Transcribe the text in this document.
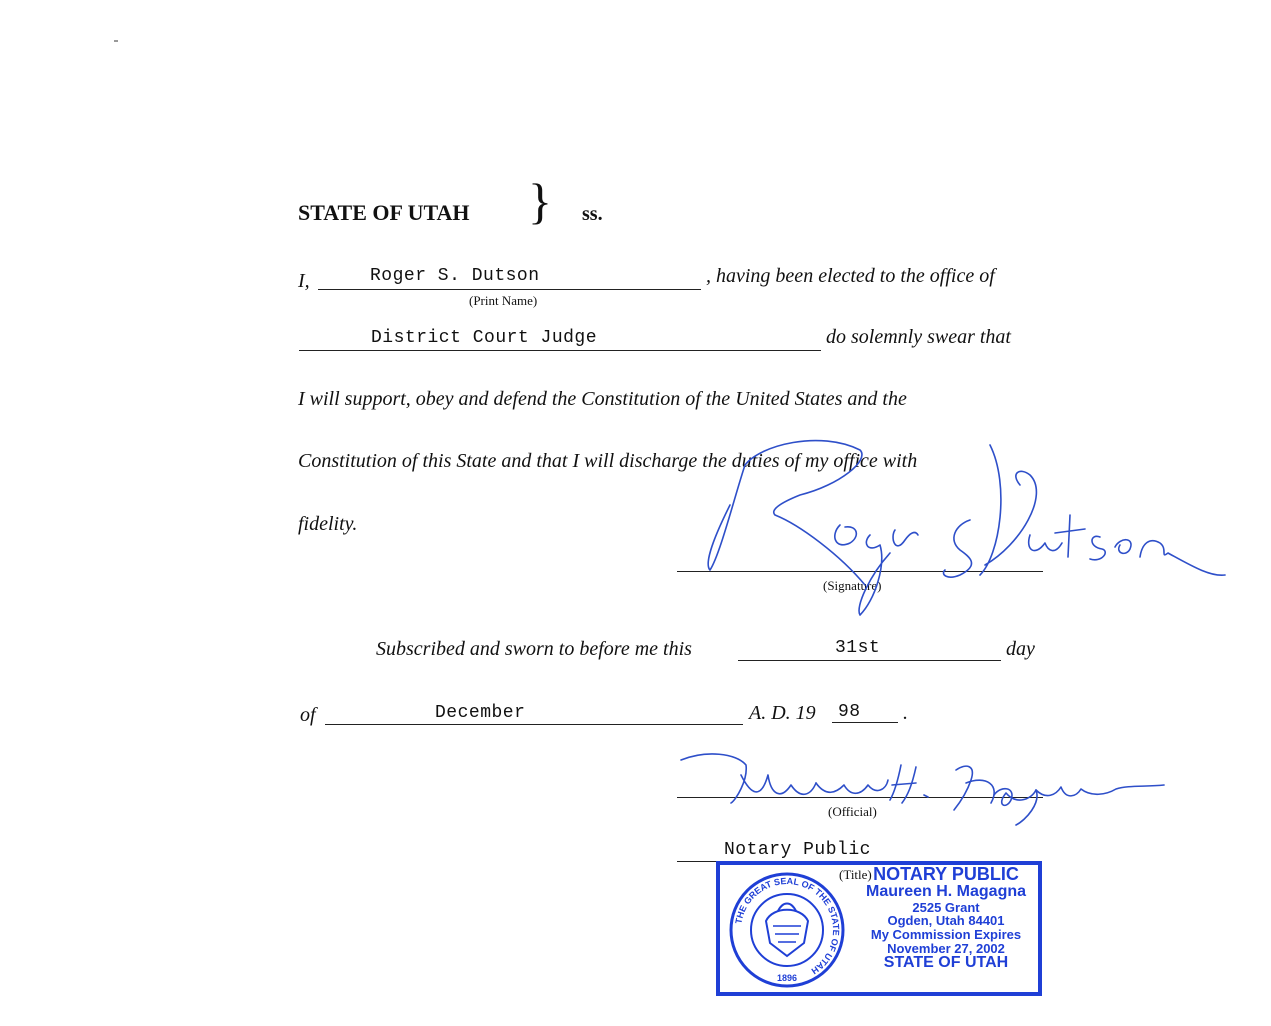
STATE OF UTAH } ss.
I,	Roger S. Dutson
(Print Name)
, having been elected to the office of
District Court Judge	do solemnly swear that
I will support, obey and defend the Constitution of the United States and the
Constitution of this State and that I will discharge the duties of my office with
fidelity.
(Signature)
Subscribed and sworn to before me this	31st	day
of	December	A. D. 19 98 .
(Official)
Notary Public
(Title)
THE GREAT SEAL OF THE STATE OF UTAH
1896
NOTARY PUBLIC
Maureen H. Magagna
2525 Grant
Ogden, Utah 84401
My Commission Expires
November 27, 2002
STATE OF UTAH
